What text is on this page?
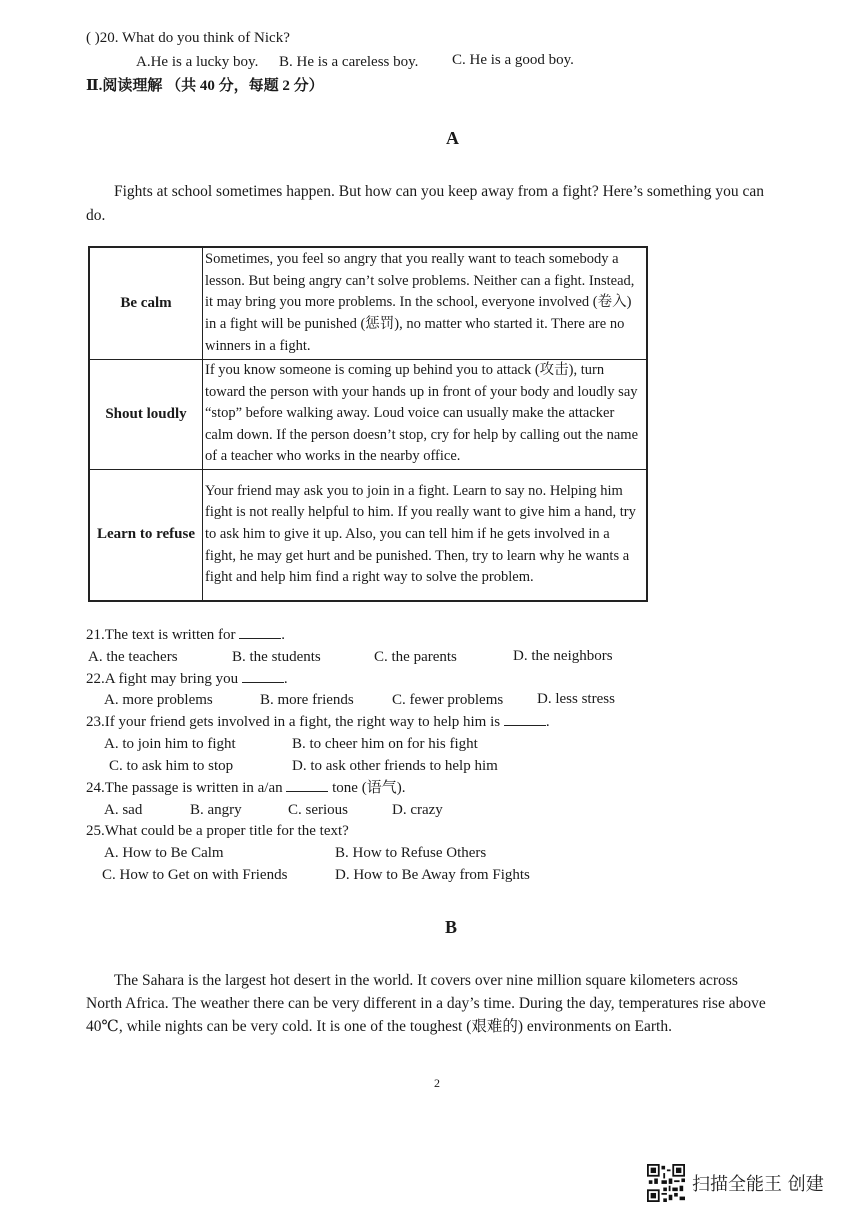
( )20. What do you think of Nick?
A.He is a lucky boy. B. He is a careless boy. C. He is a good boy.
Ⅱ.阅读理解 （共 40 分，每题 2 分）
A

Fights at school sometimes happen. But how can you keep away from a fight? Here’s something you can do.

Be calm	Sometimes, you feel so angry that you really want to teach somebody a lesson. But being angry can’t solve problems. Neither can a fight. Instead, it may bring you more problems. In the school, everyone involved (卷入) in a fight will be punished (惩罚), no matter who started it. There are no winners in a fight.
Shout loudly	If you know someone is coming up behind you to attack (攻击), turn toward the person with your hands up in front of your body and loudly say “stop” before walking away. Loud voice can usually make the attacker calm down. If the person doesn’t stop, cry for help by calling out the name of a teacher who works in the nearby office.
Learn to refuse	Your friend may ask you to join in a fight. Learn to say no. Helping him fight is not really helpful to him. If you really want to give him a hand, try to ask him to give it up. Also, you can tell him if he gets involved in a fight, he may get hurt and be punished. Then, try to learn why he wants a fight and help him find a right way to solve the problem.
21.The text is written for	.
A. the teachers	B. the students	C. the parents	D. the neighbors
22.A fight may bring you	.
A. more problems	B. more friends	C. fewer problems D. less stress
23.If your friend gets involved in a fight, the right way to help him is	.
A. to join him to fight	B. to cheer him on for his fight
C. to ask him to stop	D. to ask other friends to help him
24.The passage is written in a/an	tone (语气).
A. sad	B. angry	C. serious	D. crazy
25.What could be a proper title for the text?
A. How to Be Calm	B. How to Refuse Others
C. How to Get on with Friends	D. How to Be Away from Fights
B

The Sahara is the largest hot desert in the world. It covers over nine million square kilometers across North Africa. The weather there can be very different in a day’s time. During the day, temperatures rise above 40℃, while nights can be very cold. It is one of the toughest (艰难的) environments on Earth.

2
扫描全能王 创建
